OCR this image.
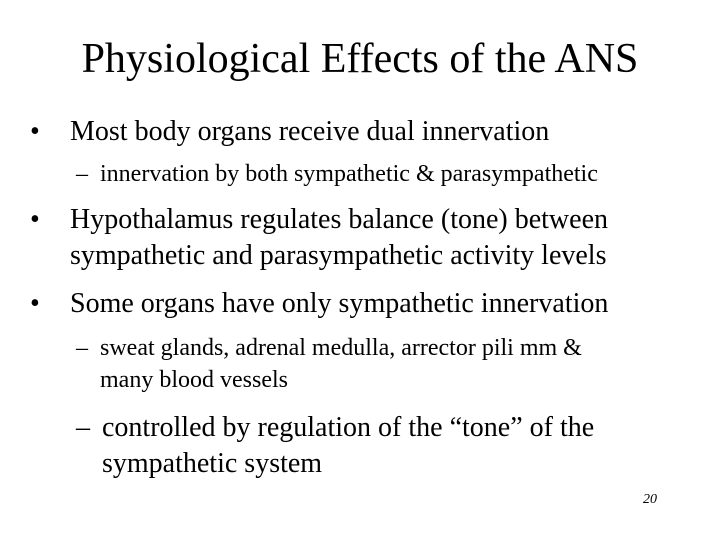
Physiological Effects of the ANS
• Most body organs receive dual innervation
– innervation by both sympathetic & parasympathetic
• Hypothalamus regulates balance (tone) between
sympathetic and parasympathetic activity levels
• Some organs have only sympathetic innervation
– sweat glands, adrenal medulla, arrector pili mm &
many blood vessels
– controlled by regulation of the “tone” of the
sympathetic system
20
